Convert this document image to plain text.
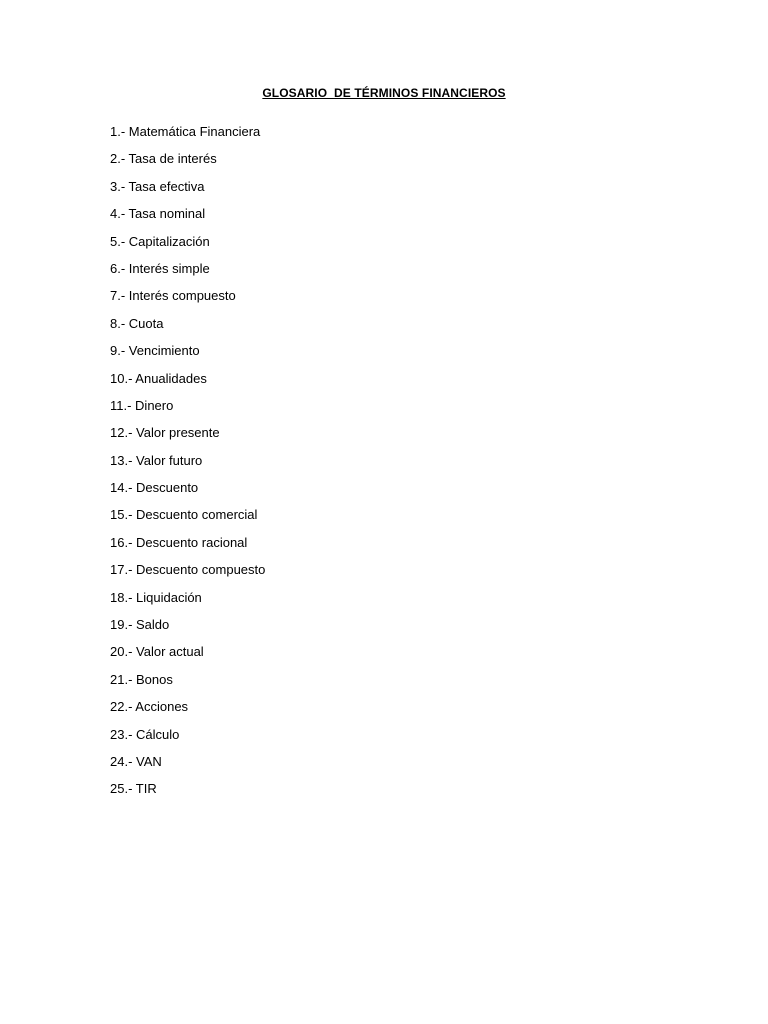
GLOSARIO  DE TÉRMINOS FINANCIEROS
1.- Matemática Financiera
2.- Tasa de interés
3.- Tasa efectiva
4.- Tasa nominal
5.- Capitalización
6.- Interés simple
7.- Interés compuesto
8.- Cuota
9.- Vencimiento
10.- Anualidades
11.- Dinero
12.- Valor presente
13.- Valor futuro
14.- Descuento
15.- Descuento comercial
16.- Descuento racional
17.- Descuento compuesto
18.- Liquidación
19.- Saldo
20.- Valor actual
21.- Bonos
22.- Acciones
23.- Cálculo
24.- VAN
25.- TIR
